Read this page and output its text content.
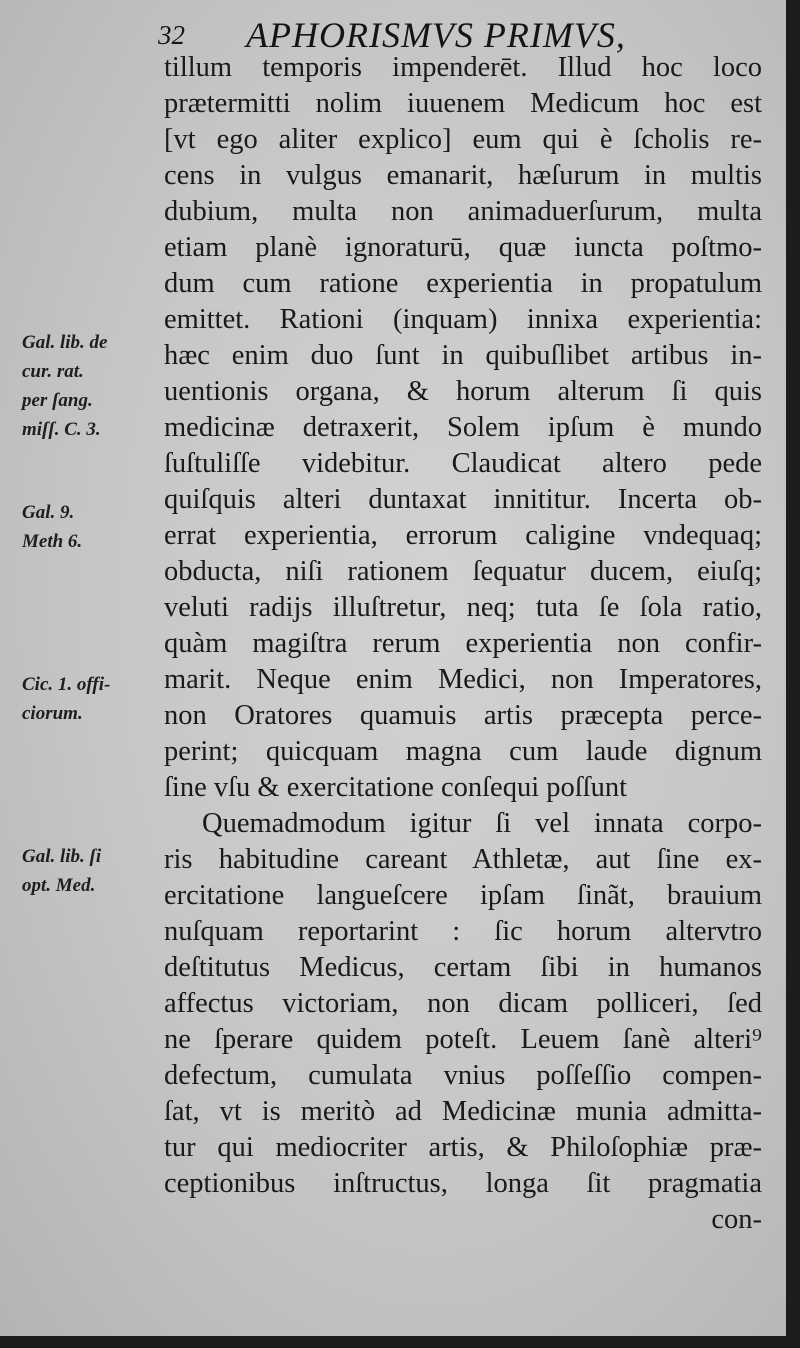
32 APHORISMVS PRIMVS,
tillum temporis impenderēt. Illud hoc loco
prætermitti nolim iuuenem Medicum hoc est
[vt ego aliter explico] eum qui è ſcholis re-
cens in vulgus emanarit, hæſurum in multis
dubium, multa non animaduerſurum, multa
etiam planè ignoraturū, quæ iuncta poſtmo-
dum cum ratione experientia in propatulum
emittet. Rationi (inquam) innixa experientia:
hæc enim duo ſunt in quibuſlibet artibus in-
uentionis organa, & horum alterum ſi quis
medicinæ detraxerit, Solem ipſum è mundo
ſuſtuliſſe videbitur. Claudicat altero pede
quiſquis alteri duntaxat innititur. Incerta ob-
errat experientia, errorum caligine vndequaq;
obducta, niſi rationem ſequatur ducem, eiuſq;
veluti radijs illuſtretur, neq; tuta ſe ſola ratio,
quàm magiſtra rerum experientia non confir-
marit. Neque enim Medici, non Imperatores,
non Oratores quamuis artis præcepta perce-
perint; quicquam magna cum laude dignum
ſine vſu & exercitatione conſequi poſſunt
Quemadmodum igitur ſi vel innata corpo-
ris habitudine careant Athletæ, aut ſine ex-
ercitatione langueſcere ipſam ſinãt, brauium
nuſquam reportarint : ſic horum altervtro
deſtitutus Medicus, certam ſibi in humanos
affectus victoriam, non dicam polliceri, ſed
ne ſperare quidem poteſt. Leuem ſanè alteri⁹
defectum, cumulata vnius poſſeſſio compen-
ſat, vt is meritò ad Medicinæ munia admitta-
tur qui mediocriter artis, & Philoſophiæ præ-
ceptionibus inſtructus, longa ſit pragmatia
con-
Gal. lib. de
cur. rat.
per ſang.
miſſ. C. 3.
Gal. 9.
Meth 6.
Cic. 1. offi-
ciorum.
Gal. lib. ſi
opt. Med.
